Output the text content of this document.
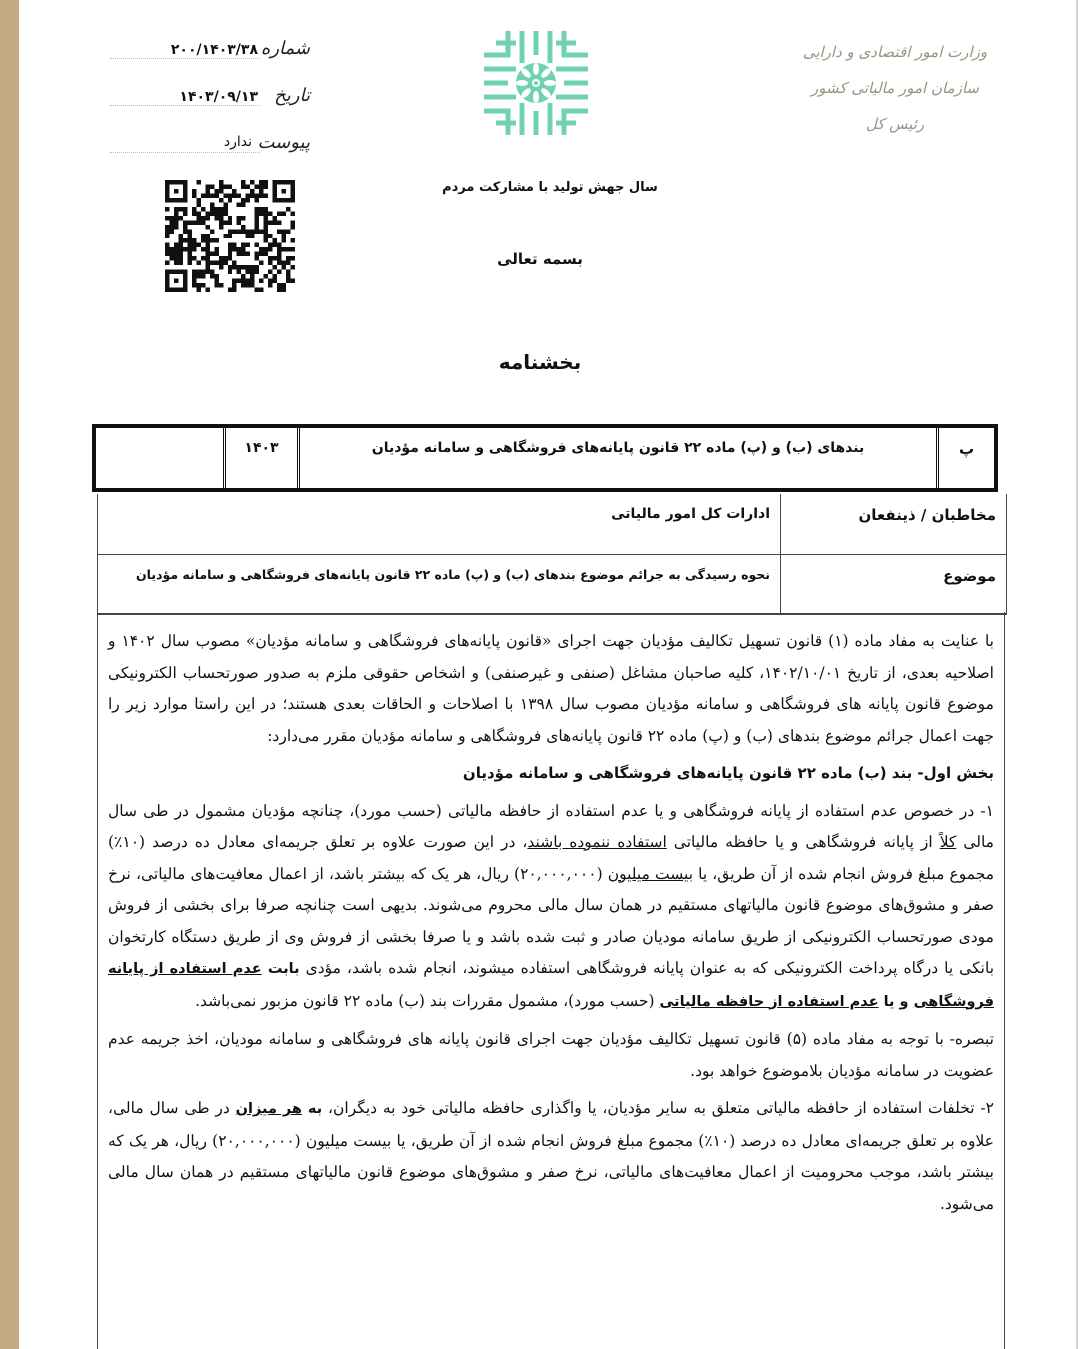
شماره
۲۰۰/۱۴۰۳/۳۸
تاریخ
۱۴۰۳/۰۹/۱۳
پیوست
ندارد
وزارت امور اقتصادی و دارایی
سازمان امور مالیاتی کشور
رئیس کل
سال جهش تولید با مشارکت مردم
بسمه تعالی
بخشنامه
پ
بندهای (ب) و (پ) ماده ۲۲ قانون پایانه‌های فروشگاهی و سامانه مؤدیان
۱۴۰۳
مخاطبان / ذینفعان
ادارات کل امور مالیاتی
موضوع
نحوه رسیدگی به جرائم موضوع بندهای (ب) و (پ) ماده ۲۲ قانون پایانه‌های فروشگاهی و سامانه مؤدیان

با عنایت به مفاد ماده (۱) قانون تسهیل تکالیف مؤدیان جهت اجرای «قانون پایانه‌های فروشگاهی و سامانه مؤدیان» مصوب سال ۱۴۰۲ و اصلاحیه بعدی، از تاریخ ۱۴۰۲/۱۰/۰۱، کلیه صاحبان مشاغل (صنفی و غیرصنفی) و اشخاص حقوقی ملزم به صدور صورتحساب الکترونیکی موضوع قانون پایانه های فروشگاهی و سامانه مؤدیان مصوب سال ۱۳۹۸ با اصلاحات و الحاقات بعدی هستند؛ در این راستا موارد زیر را جهت اعمال جرائم موضوع بندهای (ب) و (پ) ماده ۲۲ قانون پایانه‌های فروشگاهی و سامانه مؤدیان مقرر می‌دارد:

بخش اول- بند (ب) ماده ۲۲ قانون پایانه‌های فروشگاهی و سامانه مؤدیان

۱- در خصوص عدم استفاده از پایانه فروشگاهی و یا عدم استفاده از حافظه مالیاتی (حسب مورد)، چنانچه مؤدیان مشمول در طی سال مالی کلاً از پایانه فروشگاهی و یا حافظه مالیاتی استفاده ننموده باشند، در این صورت علاوه بر تعلق جریمه‌ای معادل ده درصد (۱۰٪) مجموع مبلغ فروش انجام شده از آن طریق، یا بیست میلیون (۲۰,۰۰۰,۰۰۰) ریال، هر یک که بیشتر باشد، از اعمال معافیت‌های مالیاتی، نرخ صفر و مشوق‌های موضوع قانون مالیاتهای مستقیم در همان سال مالی محروم می‌شوند. بدیهی است چنانچه صرفا برای بخشی از فروش مودی صورتحساب الکترونیکی از طریق سامانه مودیان صادر و ثبت شده باشد و یا صرفا بخشی از فروش وی از طریق دستگاه کارتخوان بانکی یا درگاه پرداخت الکترونیکی که به عنوان پایانه فروشگاهی استفاده میشوند، انجام شده باشد، مؤدی بابت عدم استفاده از پایانه فروشگاهی و یا عدم استفاده از حافظه مالیاتی (حسب مورد)، مشمول مقررات بند (ب) ماده ۲۲ قانون مزبور نمی‌باشد.

تبصره- با توجه به مفاد ماده (۵) قانون تسهیل تکالیف مؤدیان جهت اجرای قانون پایانه های فروشگاهی و سامانه مودیان، اخذ جریمه عدم عضویت در سامانه مؤدیان بلاموضوع خواهد بود.

۲- تخلفات استفاده از حافظه مالیاتی متعلق به سایر مؤدیان، یا واگذاری حافظه مالیاتی خود به دیگران، به هر میزان در طی سال مالی، علاوه بر تعلق جریمه‌ای معادل ده درصد (۱۰٪) مجموع مبلغ فروش انجام شده از آن طریق، یا بیست میلیون (۲۰,۰۰۰,۰۰۰) ریال، هر یک که بیشتر باشد، موجب محرومیت از اعمال معافیت‌های مالیاتی، نرخ صفر و مشوق‌های موضوع قانون مالیاتهای مستقیم در همان سال مالی می‌شود.
